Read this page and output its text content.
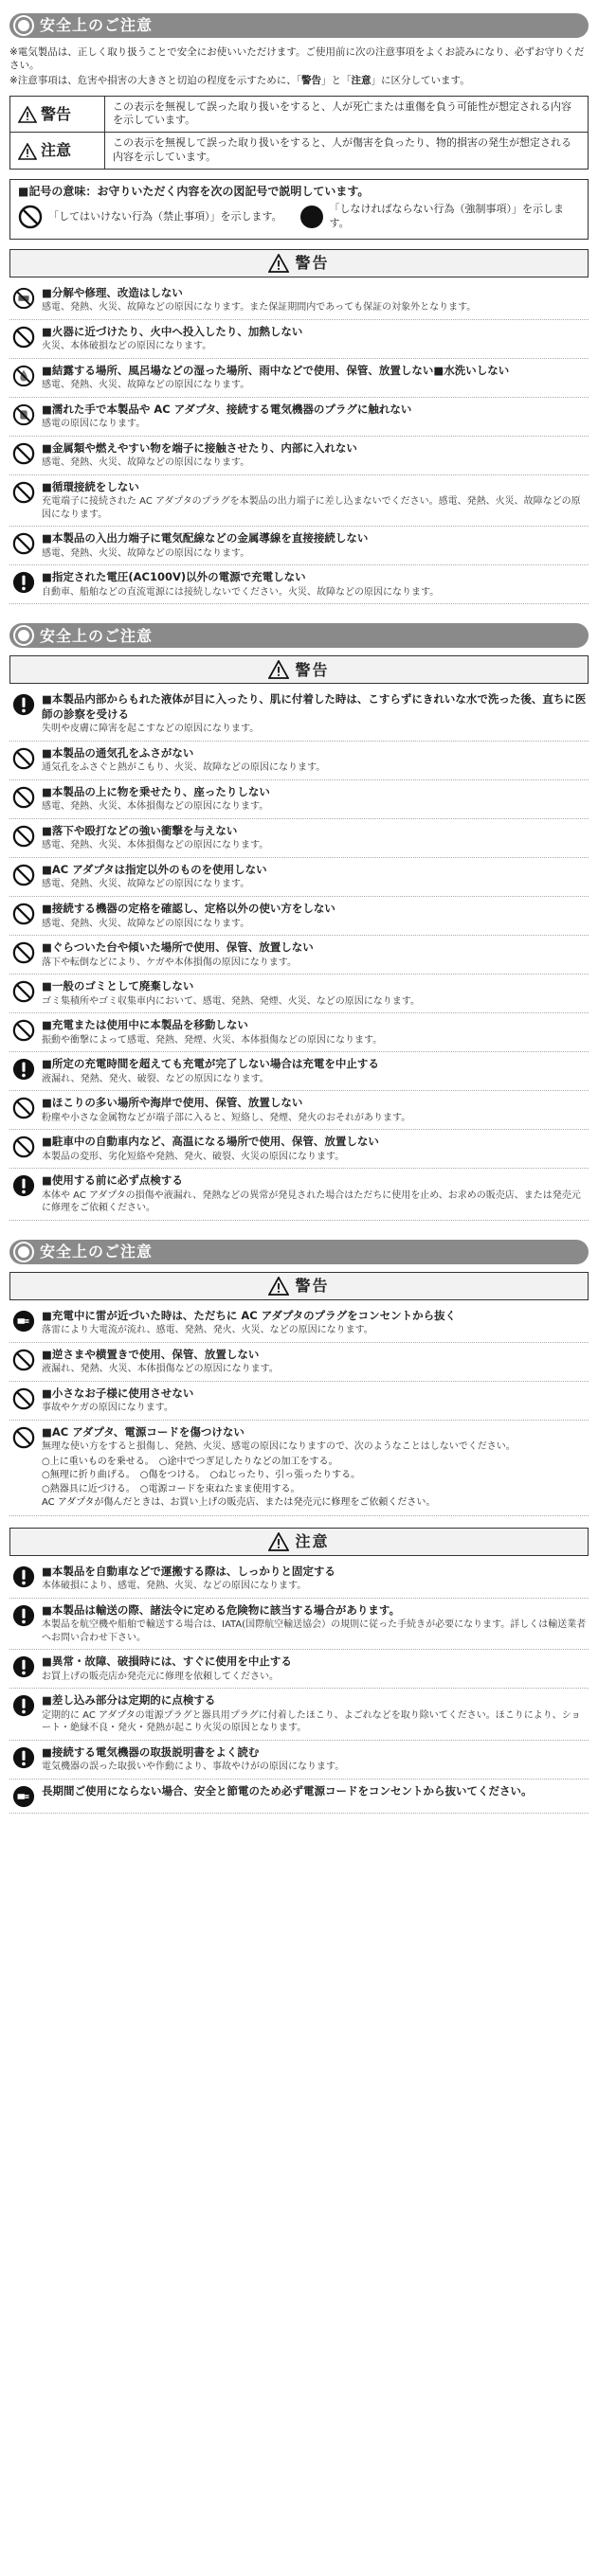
安全上のご注意

※電気製品は、正しく取り扱うことで安全にお使いいただけます。ご使用前に次の注意事項をよくお読みになり、必ずお守りください。

※注意事項は、危害や損害の大きさと切迫の程度を示すために、「警告」と「注意」に区分しています。

警告	この表示を無視して誤った取り扱いをすると、人が死亡または重傷を負う可能性が想定される内容を示しています。

注意	この表示を無視して誤った取り扱いをすると、人が傷害を負ったり、物的損害の発生が想定される内容を示しています。
■記号の意味：お守りいただく内容を次の図記号で説明しています。
「してはいけない行為（禁止事項）」を示します。
「しなければならない行為（強制事項）」を示します。
警告
■分解や修理、改造はしない
感電、発熱、火災、故障などの原因になります。また保証期間内であっても保証の対象外となります。
■火器に近づけたり、火中へ投入したり、加熱しない
火災、本体破損などの原因になります。
■結露する場所、風呂場などの湿った場所、雨中などで使用、保管、放置しない■水洗いしない
感電、発熱、火災、故障などの原因になります。
■濡れた手で本製品や AC アダプタ、接続する電気機器のプラグに触れない
感電の原因になります。
■金属類や燃えやすい物を端子に接触させたり、内部に入れない
感電、発熱、火災、故障などの原因になります。
■循環接続をしない
充電端子に接続された AC アダプタのプラグを本製品の出力端子に差し込まないでください。感電、発熱、火災、故障などの原因になります。
■本製品の入出力端子に電気配線などの金属導線を直接接続しない
感電、発熱、火災、故障などの原因になります。
■指定された電圧(AC100V)以外の電源で充電しない
自動車、船舶などの直流電源には接続しないでください。火災、故障などの原因になります。
安全上のご注意
警告
■本製品内部からもれた液体が目に入ったり、肌に付着した時は、こすらずにきれいな水で洗った後、直ちに医師の診察を受ける
失明や皮膚に障害を起こすなどの原因になります。
■本製品の通気孔をふさがない
通気孔をふさぐと熱がこもり、火災、故障などの原因になります。
■本製品の上に物を乗せたり、座ったりしない
感電、発熱、火災、本体損傷などの原因になります。
■落下や殴打などの強い衝撃を与えない
感電、発熱、火災、本体損傷などの原因になります。
■AC アダプタは指定以外のものを使用しない
感電、発熱、火災、故障などの原因になります。
■接続する機器の定格を確認し、定格以外の使い方をしない
感電、発熱、火災、故障などの原因になります。
■ぐらついた台や傾いた場所で使用、保管、放置しない
落下や転倒などにより、ケガや本体損傷の原因になります。
■一般のゴミとして廃棄しない
ゴミ集積所やゴミ収集車内において、感電、発熱、発煙、火災、などの原因になります。
■充電または使用中に本製品を移動しない
振動や衝撃によって感電、発熱、発煙、火災、本体損傷などの原因になります。
■所定の充電時間を超えても充電が完了しない場合は充電を中止する
液漏れ、発熱、発火、破裂、などの原因になります。
■ほこりの多い場所や海岸で使用、保管、放置しない
粉塵や小さな金属物などが端子部に入ると、短絡し、発煙、発火のおそれがあります。
■駐車中の自動車内など、高温になる場所で使用、保管、放置しない
本製品の変形、劣化短絡や発熱、発火、破裂、火災の原因になります。
■使用する前に必ず点検する
本体や AC アダプタの損傷や液漏れ、発熱などの異常が発見された場合はただちに使用を止め、お求めの販売店、または発売元に修理をご依頼ください。
安全上のご注意
警告
■充電中に雷が近づいた時は、ただちに AC アダプタのプラグをコンセントから抜く
落雷により大電流が流れ、感電、発熱、発火、火災、などの原因になります。
■逆さまや横置きで使用、保管、放置しない
液漏れ、発熱、火災、本体損傷などの原因になります。
■小さなお子様に使用させない
事故やケガの原因になります。
■AC アダプタ、電源コードを傷つけない
無理な使い方をすると損傷し、発熱、火災、感電の原因になりますので、次のようなことはしないでください。
○上に重いものを乗せる。　○途中でつぎ足したりなどの加工をする。
○無理に折り曲げる。　○傷をつける。　○ねじったり、引っ張ったりする。
○熱器具に近づける。　○電源コードを束ねたまま使用する。
AC アダプタが傷んだときは、お買い上げの販売店、または発売元に修理をご依頼ください。
注意
■本製品を自動車などで運搬する際は、しっかりと固定する
本体破損により、感電、発熱、火災、などの原因になります。
■本製品は輸送の際、諸法令に定める危険物に該当する場合があります。
本製品を航空機や船舶で輸送する場合は、IATA(国際航空輸送協会）の規則に従った手続きが必要になります。詳しくは輸送業者へお問い合わせ下さい。
■異常・故障、破損時には、すぐに使用を中止する
お買上げの販売店か発売元に修理を依頼してください。
■差し込み部分は定期的に点検する
定期的に AC アダプタの電源プラグと器具用プラグに付着したほこり、よごれなどを取り除いてください。ほこりにより、ショート・絶縁不良・発火・発熱が起こり火災の原因となります。
■接続する電気機器の取扱説明書をよく読む
電気機器の誤った取扱いや作動により、事故やけがの原因になります。
長期間ご使用にならない場合、安全と節電のため必ず電源コードをコンセントから抜いてください。
